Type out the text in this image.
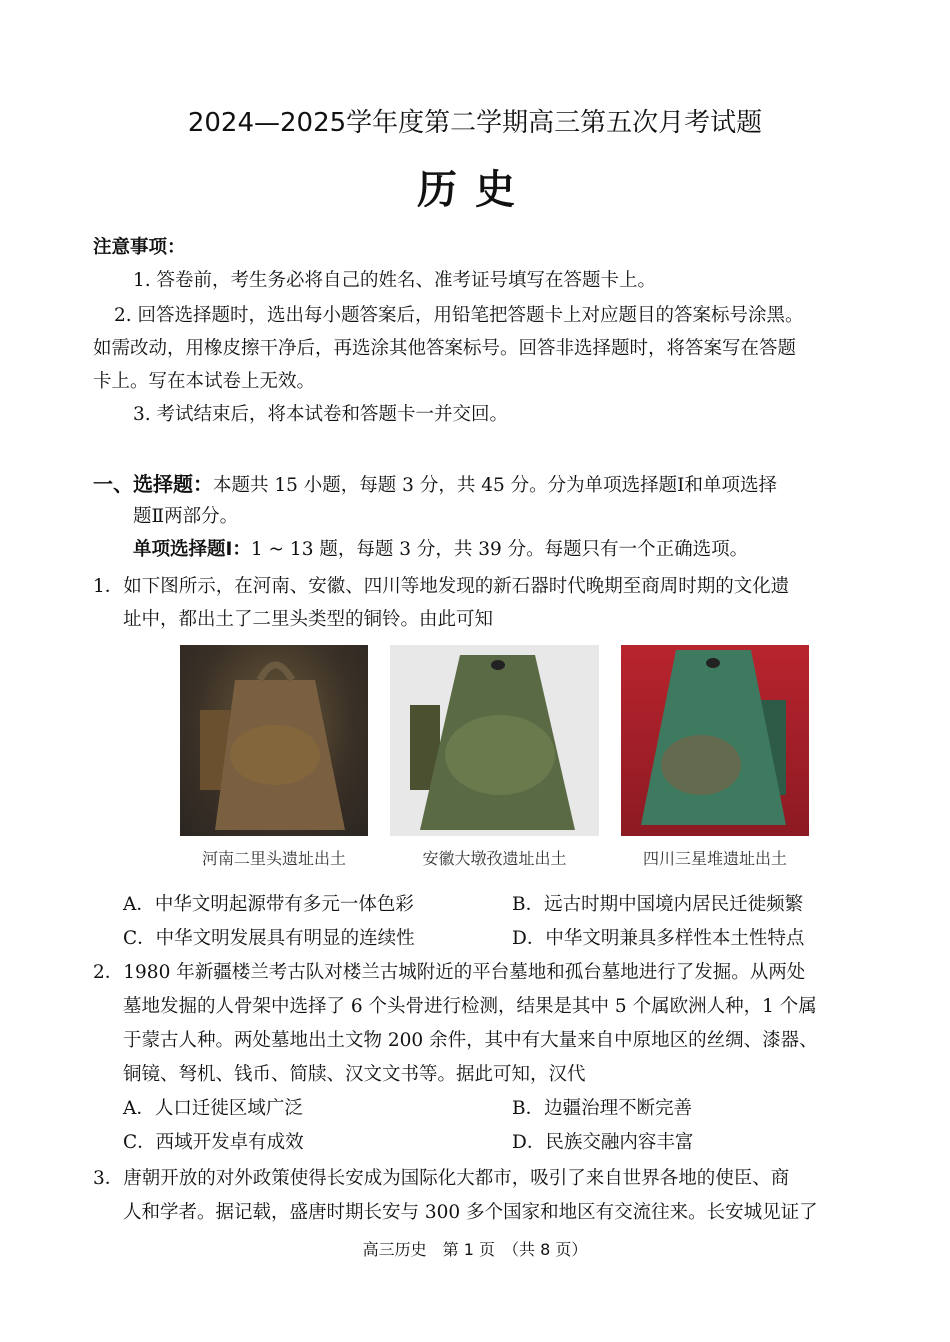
2024—2025学年度第二学期高三第五次月考试题
历史
注意事项：
1. 答卷前，考生务必将自己的姓名、准考证号填写在答题卡上。
2. 回答选择题时，选出每小题答案后，用铅笔把答题卡上对应题目的答案标号涂黑。
如需改动，用橡皮擦干净后，再选涂其他答案标号。回答非选择题时，将答案写在答题
卡上。写在本试卷上无效。
3. 考试结束后，将本试卷和答题卡一并交回。
一、选择题：本题共 15 小题，每题 3 分，共 45 分。分为单项选择题Ⅰ和单项选择
题Ⅱ两部分。
单项选择题Ⅰ：1 ~ 13 题，每题 3 分，共 39 分。每题只有一个正确选项。
1．如下图所示，在河南、安徽、四川等地发现的新石器时代晚期至商周时期的文化遗
址中，都出土了二里头类型的铜铃。由此可知
河南二里头遗址出土	安徽大墩孜遗址出土	四川三星堆遗址出土
A．中华文明起源带有多元一体色彩	B．远古时期中国境内居民迁徙频繁
C．中华文明发展具有明显的连续性	D．中华文明兼具多样性本土性特点
2．1980 年新疆楼兰考古队对楼兰古城附近的平台墓地和孤台墓地进行了发掘。从两处
墓地发掘的人骨架中选择了 6 个头骨进行检测，结果是其中 5 个属欧洲人种，1 个属
于蒙古人种。两处墓地出土文物 200 余件，其中有大量来自中原地区的丝绸、漆器、
铜镜、弩机、钱币、简牍、汉文文书等。据此可知，汉代
A．人口迁徙区域广泛	B．边疆治理不断完善
C．西域开发卓有成效	D．民族交融内容丰富
3．唐朝开放的对外政策使得长安成为国际化大都市，吸引了来自世界各地的使臣、商
人和学者。据记载，盛唐时期长安与 300 多个国家和地区有交流往来。长安城见证了
高三历史　第 1 页　（共 8 页）
